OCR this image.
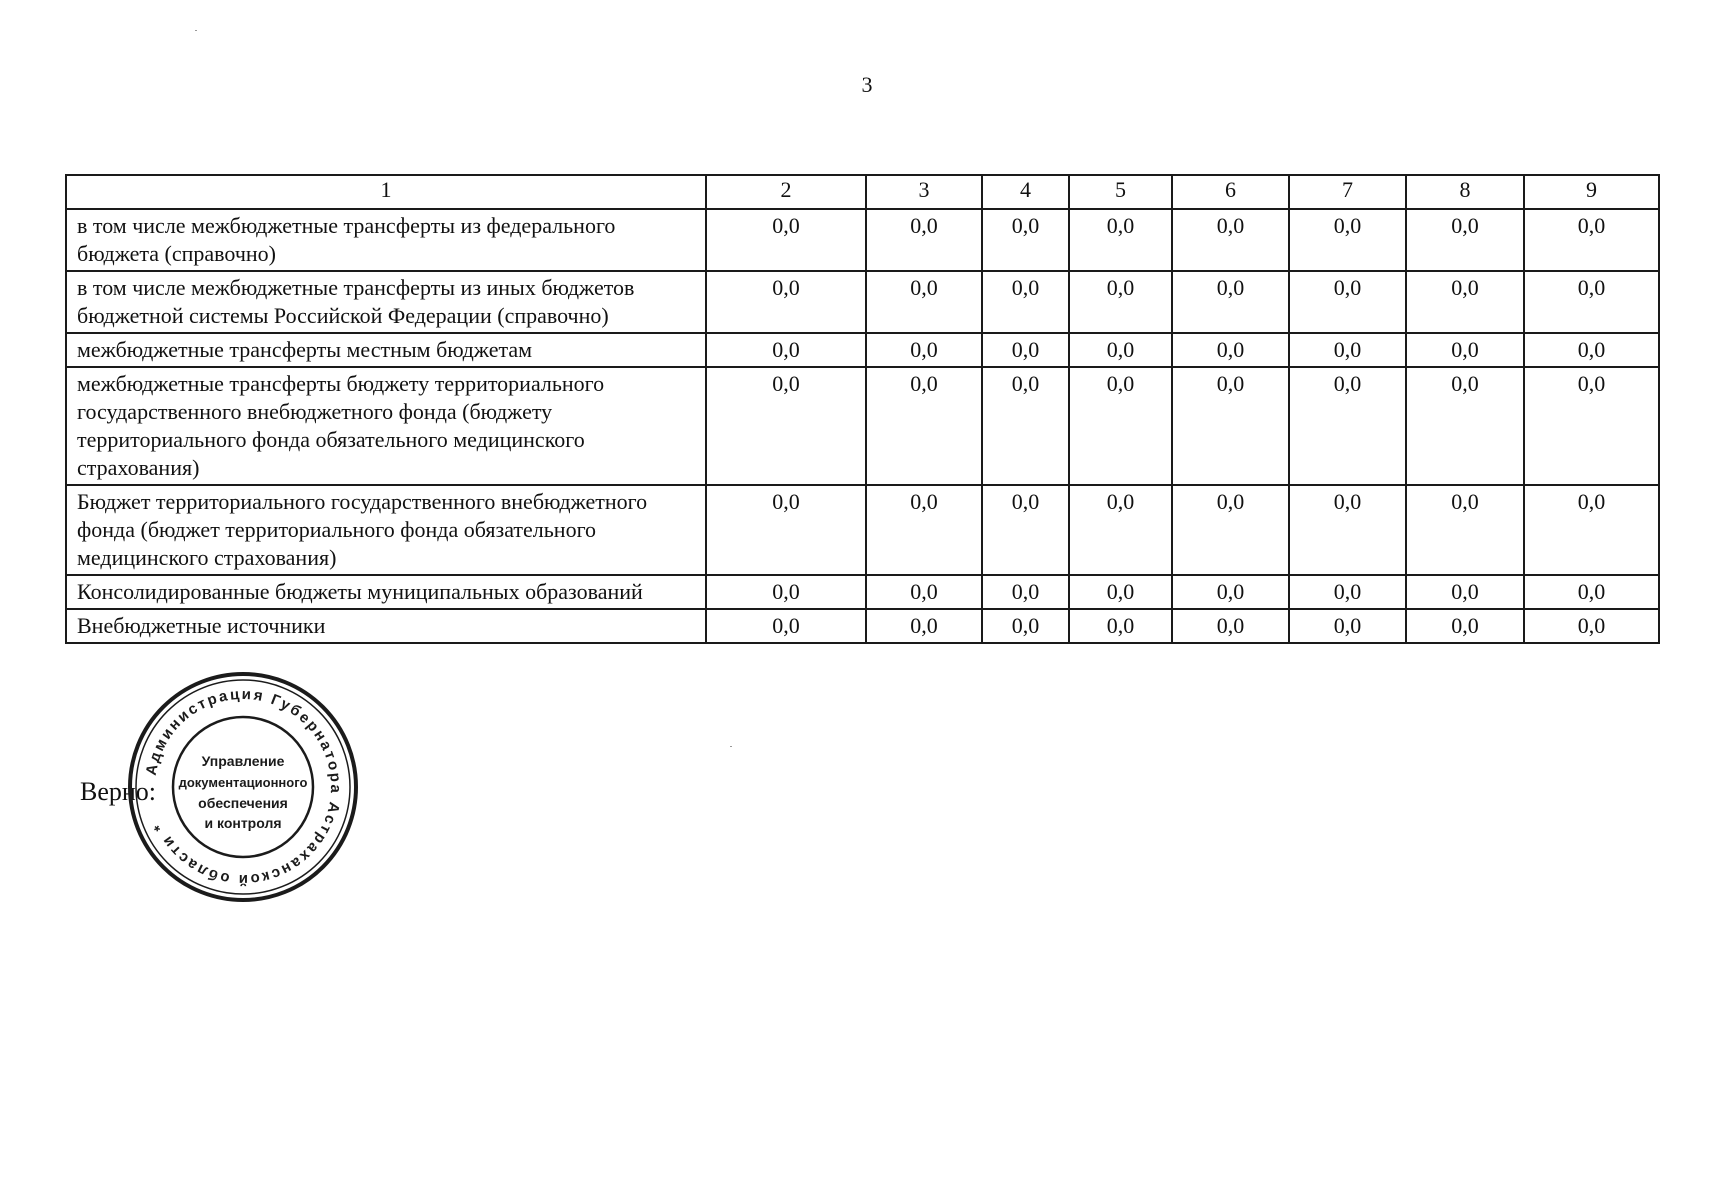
3
1	2	3	4	5	6	7	8	9
в том числе межбюджетные трансферты из федерального бюджета (справочно)	0,0	0,0	0,0	0,0	0,0	0,0	0,0	0,0
в том числе межбюджетные трансферты из иных бюджетов бюджетной системы Российской Федерации (справочно)	0,0	0,0	0,0	0,0	0,0	0,0	0,0	0,0
межбюджетные трансферты местным бюджетам	0,0	0,0	0,0	0,0	0,0	0,0	0,0	0,0
межбюджетные трансферты бюджету территориального государственного внебюджетного фонда (бюджету территориального фонда обязательного медицинского страхования)	0,0	0,0	0,0	0,0	0,0	0,0	0,0	0,0
Бюджет территориального государственного внебюджетного фонда (бюджет территориального фонда обязательного медицинского страхования)	0,0	0,0	0,0	0,0	0,0	0,0	0,0	0,0
Консолидированные бюджеты муниципальных образований	0,0	0,0	0,0	0,0	0,0	0,0	0,0	0,0
Внебюджетные источники	0,0	0,0	0,0	0,0	0,0	0,0	0,0	0,0
Верно:
Администрация Губернатора Астраханской области *
Управление
документационного
обеспечения
и контроля
